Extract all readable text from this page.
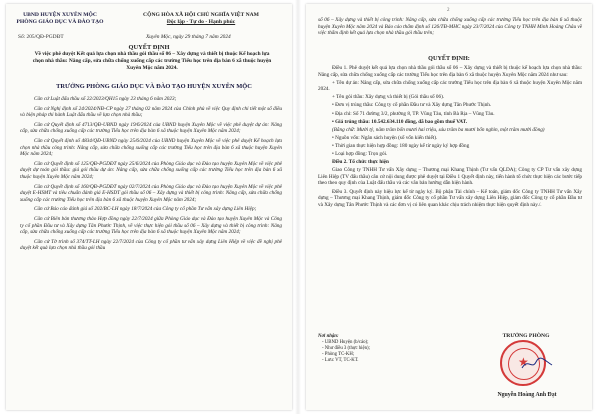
UBND HUYỆN XUYÊN MỘC
PHÒNG GIÁO DỤC VÀ ĐÀO TẠO
CỘNG HÒA XÃ HỘI CHỦ NGHĨA VIỆT NAM
Độc lập - Tự do - Hạnh phúc
Số: 205/QĐ-PGDĐT	Xuyên Mộc, ngày 29 tháng 7 năm 2024
QUYẾT ĐỊNH
Về việc phê duyệt Kết quả lựa chọn nhà thầu gói thầu số 06 – Xây dựng và thiết bị thuộc Kế hoạch lựa chọn nhà thầu: Nâng cấp, sửa chữa chống xuống cấp các trường Tiểu học trên địa bàn 6 xã thuộc huyện Xuyên Mộc năm 2024.
TRƯỞNG PHÒNG GIÁO DỤC VÀ ĐÀO TẠO HUYỆN XUYÊN MỘC

Căn cứ Luật đấu thầu số 22/2023/QH15 ngày 23 tháng 6 năm 2023;

Căn cứ Nghị định số 24/2024/NĐ-CP ngày 27 tháng 02 năm 2024 của Chính phủ về việc Quy định chi tiết một số điều và biện pháp thi hành Luật đấu thầu về lựa chọn nhà thầu;

Căn cứ Quyết định số 4713/QĐ-UBND ngày 19/6/2024 của UBND huyện Xuyên Mộc về việc phê duyệt dự án: Nâng cấp, sửa chữa chống xuống cấp các trường Tiểu học trên địa bàn 6 xã thuộc huyện Xuyên Mộc năm 2024;

Căn cứ Quyết định số 4834/QĐ-UBND ngày 25/6/2024 của UBND huyện Xuyên Mộc về việc phê duyệt Kế hoạch lựa chọn nhà thầu công trình: Nâng cấp, sửa chữa chống xuống cấp các trường Tiểu học trên địa bàn 6 xã thuộc huyện Xuyên Mộc năm 2024;

Căn cứ Quyết định số 125/QĐ-PGDĐT ngày 25/6/2024 của Phòng Giáo dục và Đào tạo huyện Xuyên Mộc về việc phê duyệt dự toán gói thầu: giá gói thầu dự án: Nâng cấp, sửa chữa chống xuống cấp các trường Tiểu học trên địa bàn 6 xã thuộc huyện Xuyên Mộc năm 2024;

Căn cứ Quyết định số 160/QĐ-PGDĐT ngày 02/7/2024 của Phòng Giáo dục và Đào tạo huyện Xuyên Mộc về việc phê duyệt E-HSMT và tiêu chuẩn đánh giá E-HSDT gói thầu số 06 – Xây dựng và thiết bị công trình: Nâng cấp, sửa chữa chống xuống cấp các trường Tiểu học trên địa bàn 6 xã thuộc huyện Xuyên Mộc năm 2024;

Căn cứ Báo cáo đánh giá số 202/BC-LH ngày 18/7/2024 của Công ty cổ phần Tư vấn xây dựng Liên Hiệp;

Căn cứ Biên bản thương thảo Hợp đồng ngày 22/7/2024 giữa Phòng Giáo dục và Đào tạo huyện Xuyên Mộc và Công ty cổ phần Đầu tư và Xây dựng Tân Phước Thịnh, về việc thực hiện gói thầu số 06 – Xây dựng và thiết bị công trình: Nâng cấp, sửa chữa chống xuống cấp các trường Tiểu học trên địa bàn 6 xã thuộc huyện Xuyên Mộc năm 2024;

Căn cứ Tờ trình số 374/TT-LH ngày 22/7/2024 của Công ty cổ phần tư vấn xây dựng Liên Hiệp về việc đề nghị phê duyệt kết quả lựa chọn nhà thầu gói thầu

2

số 06 – Xây dựng và thiết bị công trình: Nâng cấp, sửa chữa chống xuống cấp các trường Tiểu học trên địa bàn 6 xã thuộc huyện Xuyên Mộc năm 2024 và Báo cáo thẩm định số 126/TĐ-MHC ngày 23/7/2024 của Công ty TNHH Minh Hoàng Châu về việc thẩm định kết quả lựa chọn nhà thầu gói thầu trên;

QUYẾT ĐỊNH:

Điều 1. Phê duyệt kết quả lựa chọn nhà thầu gói thầu số 06 – Xây dựng và thiết bị thuộc kế hoạch lựa chọn nhà thầu: Nâng cấp, sửa chữa chống xuống cấp các trường Tiểu học trên địa bàn 6 xã thuộc huyện Xuyên Mộc năm 2024 như sau:

+ Tên dự án: Nâng cấp, sửa chữa chống xuống cấp các trường Tiểu học trên địa bàn 6 xã thuộc huyện Xuyên Mộc năm 2024.

+ Tên gói thầu: Xây dựng và thiết bị (Gói thầu số 06).

• Đơn vị trúng thầu: Công ty cổ phần Đầu tư và Xây dựng Tân Phước Thịnh.

• Địa chỉ: Số 71 đường 3/2, phường 8, TP. Vũng Tàu, tỉnh Bà Rịa – Vũng Tàu.

• Giá trúng thầu: 10.542.634.110 đồng, đã bao gồm thuế VAT.

(Bằng chữ: Mười tỷ, năm trăm bốn mươi hai triệu, sáu trăm ba mươi bốn nghìn, một trăm mười đồng)

• Nguồn vốn: Ngân sách huyện (số vốn kiến thiết).

• Thời gian thực hiện hợp đồng: 180 ngày kể từ ngày ký hợp đồng

• Loại hợp đồng: Trọn gói.

Điều 2. Tổ chức thực hiện

Giao Công ty TNHH Tư vấn Xây dựng – Thương mại Khang Thịnh (Tư vấn QLDA); Công ty CP Tư vấn xây dựng Liên Hiệp (TV đấu thầu) căn cứ nội dung được phê duyệt tại Điều 1 Quyết định này, tiến hành tổ chức thực hiện các bước tiếp theo theo quy định của Luật đấu thầu và các văn bản hướng dẫn hiện hành.

Điều 3. Quyết định này hiệu lực kể từ ngày ký. Bộ phận Tài chính – Kế toán, giám đốc Công ty TNHH Tư vấn Xây dựng – Thương mại Khang Thịnh, giám đốc Công ty cổ phần Tư vấn xây dựng Liên Hiệp, giám đốc Công ty cổ phần Đầu tư và Xây dựng Tân Phước Thịnh và các đơn vị có liên quan khác chịu trách nhiệm thực hiện quyết định này./.

Nơi nhận:
- UBND Huyện (b/cáo);
- Như điều 3 (thực hiện);
- Phòng TC-KH;
- Lưu: VT, TC-KT.
TRƯỞNG PHÒNG
★
Nguyễn Hoàng Anh Đạt
